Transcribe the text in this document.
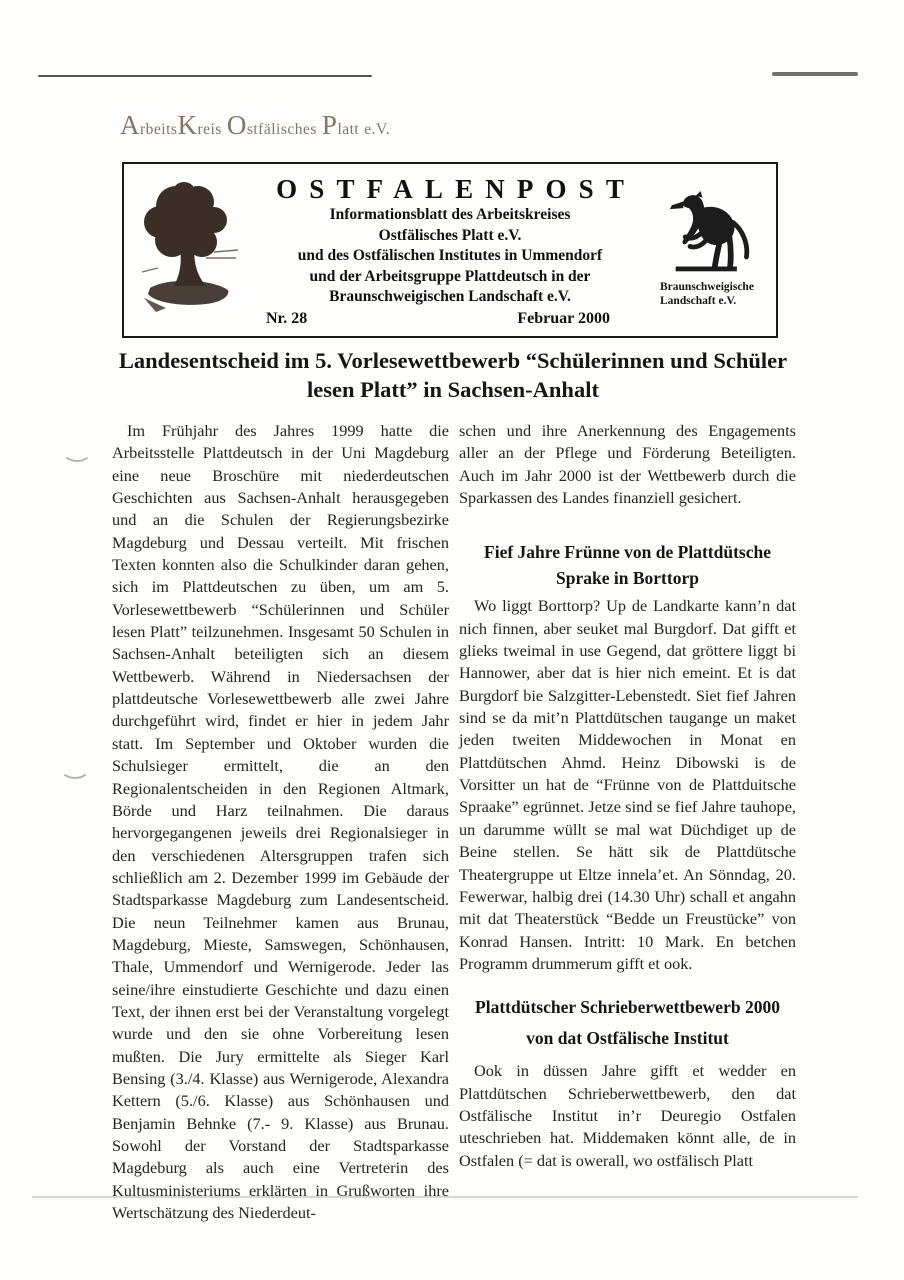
ArbeitsKreis Ostfälisches Platt e.V.
OSTFALENPOST
Informationsblatt des Arbeitskreises
Ostfälisches Platt e.V.
und des Ostfälischen Institutes in Ummendorf
und der Arbeitsgruppe Plattdeutsch in der
Braunschweigischen Landschaft e.V.
Nr. 28	Februar 2000
Braunschweigische
Landschaft e.V.
Landesentscheid im 5. Vorlesewettbewerb “Schülerinnen und Schüler lesen Platt” in Sachsen-Anhalt

Im Frühjahr des Jahres 1999 hatte die Arbeitsstelle Plattdeutsch in der Uni Magdeburg eine neue Broschüre mit niederdeutschen Geschichten aus Sachsen-Anhalt herausgegeben und an die Schulen der Regierungsbezirke Magdeburg und Dessau verteilt. Mit frischen Texten konnten also die Schulkinder daran gehen, sich im Plattdeutschen zu üben, um am 5. Vorlesewettbewerb “Schülerinnen und Schüler lesen Platt” teilzunehmen. Insgesamt 50 Schulen in Sachsen-Anhalt beteiligten sich an diesem Wettbewerb. Während in Niedersachsen der plattdeutsche Vorlesewettbewerb alle zwei Jahre durchgeführt wird, findet er hier in jedem Jahr statt. Im September und Oktober wurden die Schulsieger ermittelt, die an den Regionalentscheiden in den Regionen Altmark, Börde und Harz teilnahmen. Die daraus hervorgegangenen jeweils drei Regionalsieger in den verschiedenen Altersgruppen trafen sich schließlich am 2. Dezember 1999 im Gebäude der Stadtsparkasse Magdeburg zum Landesentscheid. Die neun Teilnehmer kamen aus Brunau, Magdeburg, Mieste, Samswegen, Schönhausen, Thale, Ummendorf und Wernigerode. Jeder las seine/ihre einstudierte Geschichte und dazu einen Text, der ihnen erst bei der Veranstaltung vorgelegt wurde und den sie ohne Vorbereitung lesen mußten. Die Jury ermittelte als Sieger Karl Bensing (3./4. Klasse) aus Wernigerode, Alexandra Kettern (5./6. Klasse) aus Schönhausen und Benjamin Behnke (7.- 9. Klasse) aus Brunau. Sowohl der Vorstand der Stadtsparkasse Magdeburg als auch eine Vertreterin des Kultusministeriums erklärten in Grußworten ihre Wertschätzung des Niederdeut-

schen und ihre Anerkennung des Engagements aller an der Pflege und Förderung Beteiligten. Auch im Jahr 2000 ist der Wettbewerb durch die Sparkassen des Landes finanziell gesichert.

Fief Jahre Frünne von de Plattdütsche Sprake in Borttorp

Wo liggt Borttorp? Up de Landkarte kann’n dat nich finnen, aber seuket mal Burgdorf. Dat gifft et glieks tweimal in use Gegend, dat gröttere liggt bi Hannower, aber dat is hier nich emeint. Et is dat Burgdorf bie Salzgitter-Lebenstedt. Siet fief Jahren sind se da mit’n Plattdütschen taugange un maket jeden tweiten Middewochen in Monat en Plattdütschen Ahmd. Heinz Dibowski is de Vorsitter un hat de “Frünne von de Plattduitsche Spraake” egrünnet. Jetze sind se fief Jahre tauhope, un darumme wüllt se mal wat Düchdiget up de Beine stellen. Se hätt sik de Plattdütsche Theatergruppe ut Eltze innela’et. An Sönndag, 20. Fewerwar, halbig drei (14.30 Uhr) schall et angahn mit dat Theaterstück “Bedde un Freustücke” von Konrad Hansen. Intritt: 10 Mark. En betchen Programm drummerum gifft et ook.

Plattdütscher Schrieberwettbewerb 2000
von dat Ostfälische Institut

Ook in düssen Jahre gifft et wedder en Plattdütschen Schrieberwettbewerb, den dat Ostfälische Institut in’r Deuregio Ostfalen uteschrieben hat. Middemaken könnt alle, de in Ostfalen (= dat is owerall, wo ostfälisch Platt
